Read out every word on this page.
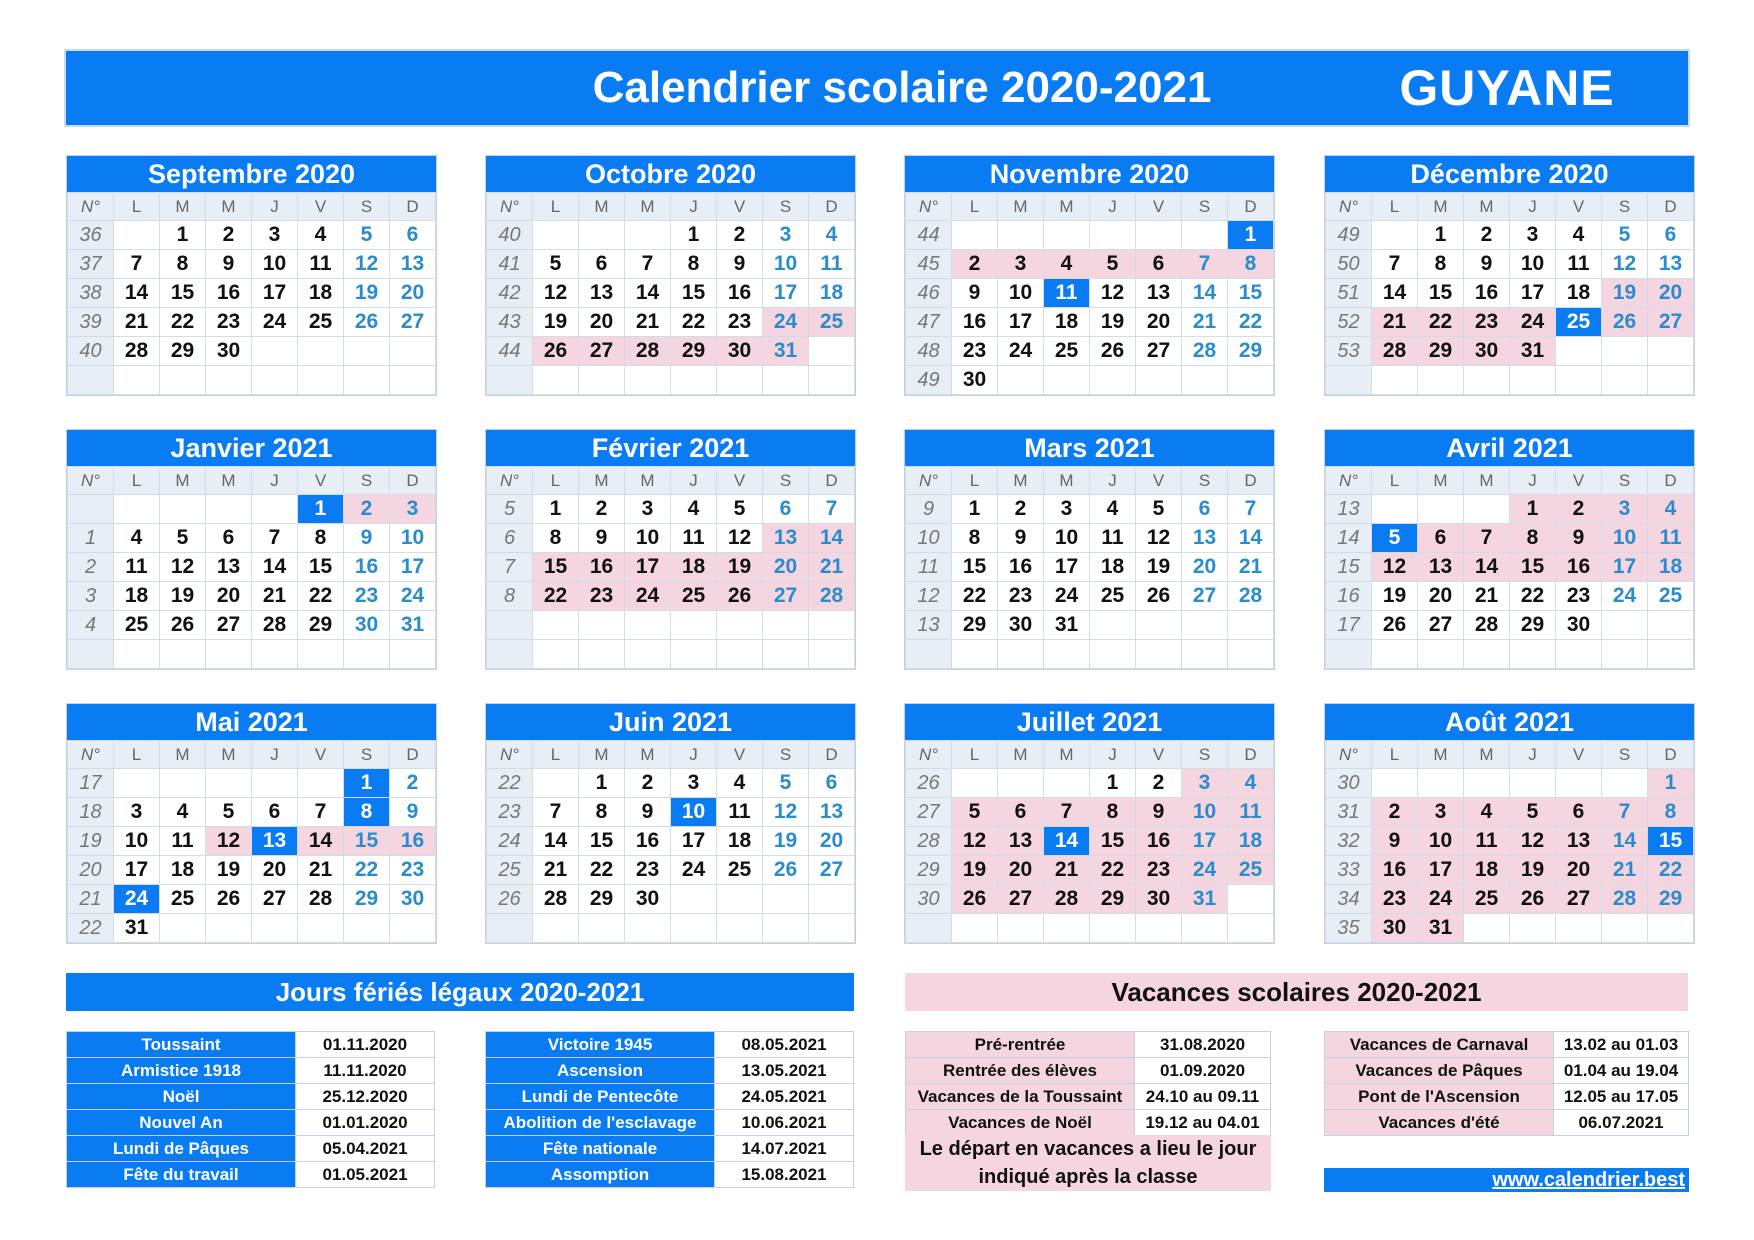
Calendrier scolaire 2020-2021	GUYANE
Septembre 2020
N°	L	M	M	J	V	S	D
36		1	2	3	4	5	6
37	7	8	9	10	11	12	13
38	14	15	16	17	18	19	20
39	21	22	23	24	25	26	27
40	28	29	30				

Octobre 2020
N°	L	M	M	J	V	S	D
40				1	2	3	4
41	5	6	7	8	9	10	11
42	12	13	14	15	16	17	18
43	19	20	21	22	23	24	25
44	26	27	28	29	30	31	

Novembre 2020
N°	L	M	M	J	V	S	D
44							1
45	2	3	4	5	6	7	8
46	9	10	11	12	13	14	15
47	16	17	18	19	20	21	22
48	23	24	25	26	27	28	29
49	30						
Décembre 2020
N°	L	M	M	J	V	S	D
49		1	2	3	4	5	6
50	7	8	9	10	11	12	13
51	14	15	16	17	18	19	20
52	21	22	23	24	25	26	27
53	28	29	30	31			

Janvier 2021
N°	L	M	M	J	V	S	D
					1	2	3
1	4	5	6	7	8	9	10
2	11	12	13	14	15	16	17
3	18	19	20	21	22	23	24
4	25	26	27	28	29	30	31

Février 2021
N°	L	M	M	J	V	S	D
5	1	2	3	4	5	6	7
6	8	9	10	11	12	13	14
7	15	16	17	18	19	20	21
8	22	23	24	25	26	27	28

Mars 2021
N°	L	M	M	J	V	S	D
9	1	2	3	4	5	6	7
10	8	9	10	11	12	13	14
11	15	16	17	18	19	20	21
12	22	23	24	25	26	27	28
13	29	30	31				

Avril 2021
N°	L	M	M	J	V	S	D
13				1	2	3	4
14	5	6	7	8	9	10	11
15	12	13	14	15	16	17	18
16	19	20	21	22	23	24	25
17	26	27	28	29	30		

Mai 2021
N°	L	M	M	J	V	S	D
17						1	2
18	3	4	5	6	7	8	9
19	10	11	12	13	14	15	16
20	17	18	19	20	21	22	23
21	24	25	26	27	28	29	30
22	31						
Juin 2021
N°	L	M	M	J	V	S	D
22		1	2	3	4	5	6
23	7	8	9	10	11	12	13
24	14	15	16	17	18	19	20
25	21	22	23	24	25	26	27
26	28	29	30				

Juillet 2021
N°	L	M	M	J	V	S	D
26				1	2	3	4
27	5	6	7	8	9	10	11
28	12	13	14	15	16	17	18
29	19	20	21	22	23	24	25
30	26	27	28	29	30	31	

Août 2021
N°	L	M	M	J	V	S	D
30							1
31	2	3	4	5	6	7	8
32	9	10	11	12	13	14	15
33	16	17	18	19	20	21	22
34	23	24	25	26	27	28	29
35	30	31					
Jours fériés légaux 2020-2021	Vacances scolaires 2020-2021
Toussaint	01.11.2020
Armistice 1918	11.11.2020
Noël	25.12.2020
Nouvel An	01.01.2020
Lundi de Pâques	05.04.2021
Fête du travail	01.05.2021
Victoire 1945	08.05.2021
Ascension	13.05.2021
Lundi de Pentecôte	24.05.2021
Abolition de l'esclavage	10.06.2021
Fête nationale	14.07.2021
Assomption	15.08.2021
Pré-rentrée	31.08.2020
Rentrée des élèves	01.09.2020
Vacances de la Toussaint	24.10 au 09.11
Vacances de Noël	19.12 au 04.01
Vacances de Carnaval	13.02 au 01.03
Vacances de Pâques	01.04 au 19.04
Pont de l'Ascension	12.05 au 17.05
Vacances d'été	06.07.2021
Le départ en vacances a lieu le jour
indiqué après la classe	www.calendrier.best
